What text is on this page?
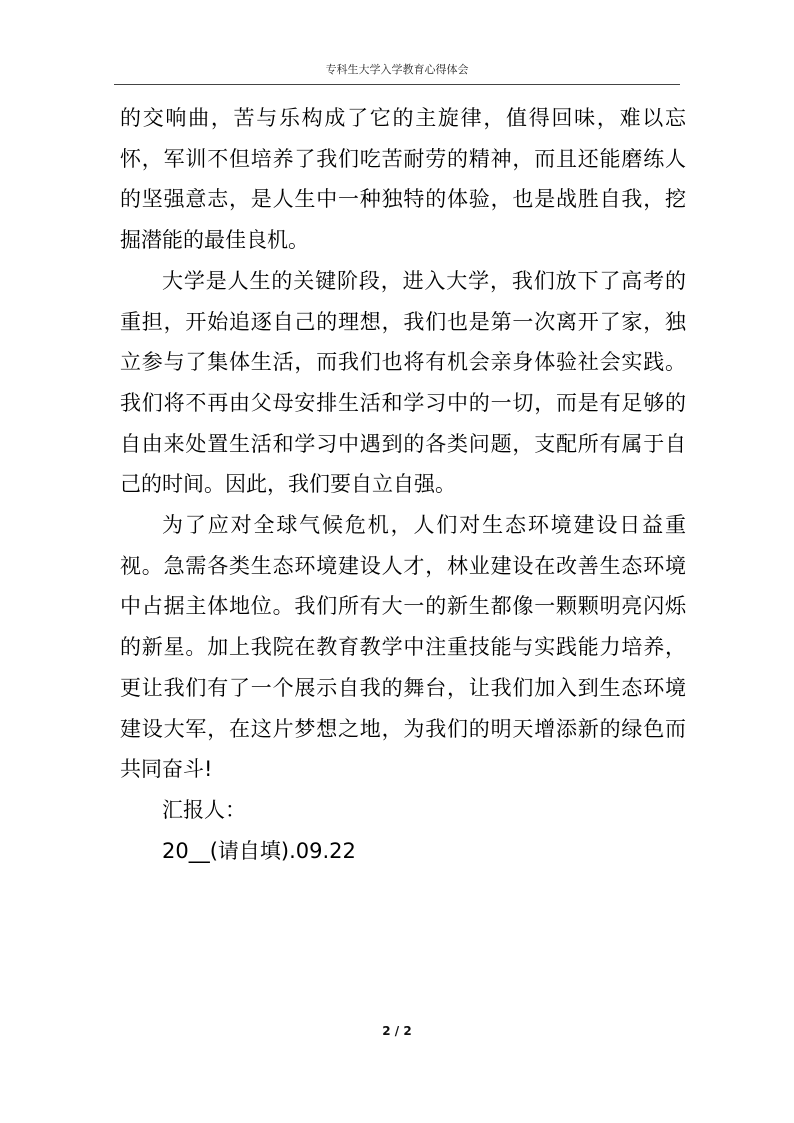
专科生大学入学教育心得体会

的交响曲，苦与乐构成了它的主旋律，值得回味，难以忘怀，军训不但培养了我们吃苦耐劳的精神，而且还能磨练人的坚强意志，是人生中一种独特的体验，也是战胜自我，挖掘潜能的最佳良机。

大学是人生的关键阶段，进入大学，我们放下了高考的重担，开始追逐自己的理想，我们也是第一次离开了家，独立参与了集体生活，而我们也将有机会亲身体验社会实践。我们将不再由父母安排生活和学习中的一切，而是有足够的自由来处置生活和学习中遇到的各类问题，支配所有属于自己的时间。因此，我们要自立自强。

为了应对全球气候危机，人们对生态环境建设日益重视。急需各类生态环境建设人才，林业建设在改善生态环境中占据主体地位。我们所有大一的新生都像一颗颗明亮闪烁的新星。加上我院在教育教学中注重技能与实践能力培养，更让我们有了一个展示自我的舞台，让我们加入到生态环境建设大军，在这片梦想之地，为我们的明天增添新的绿色而共同奋斗!

汇报人：

20__(请自填).09.22

2 / 2
